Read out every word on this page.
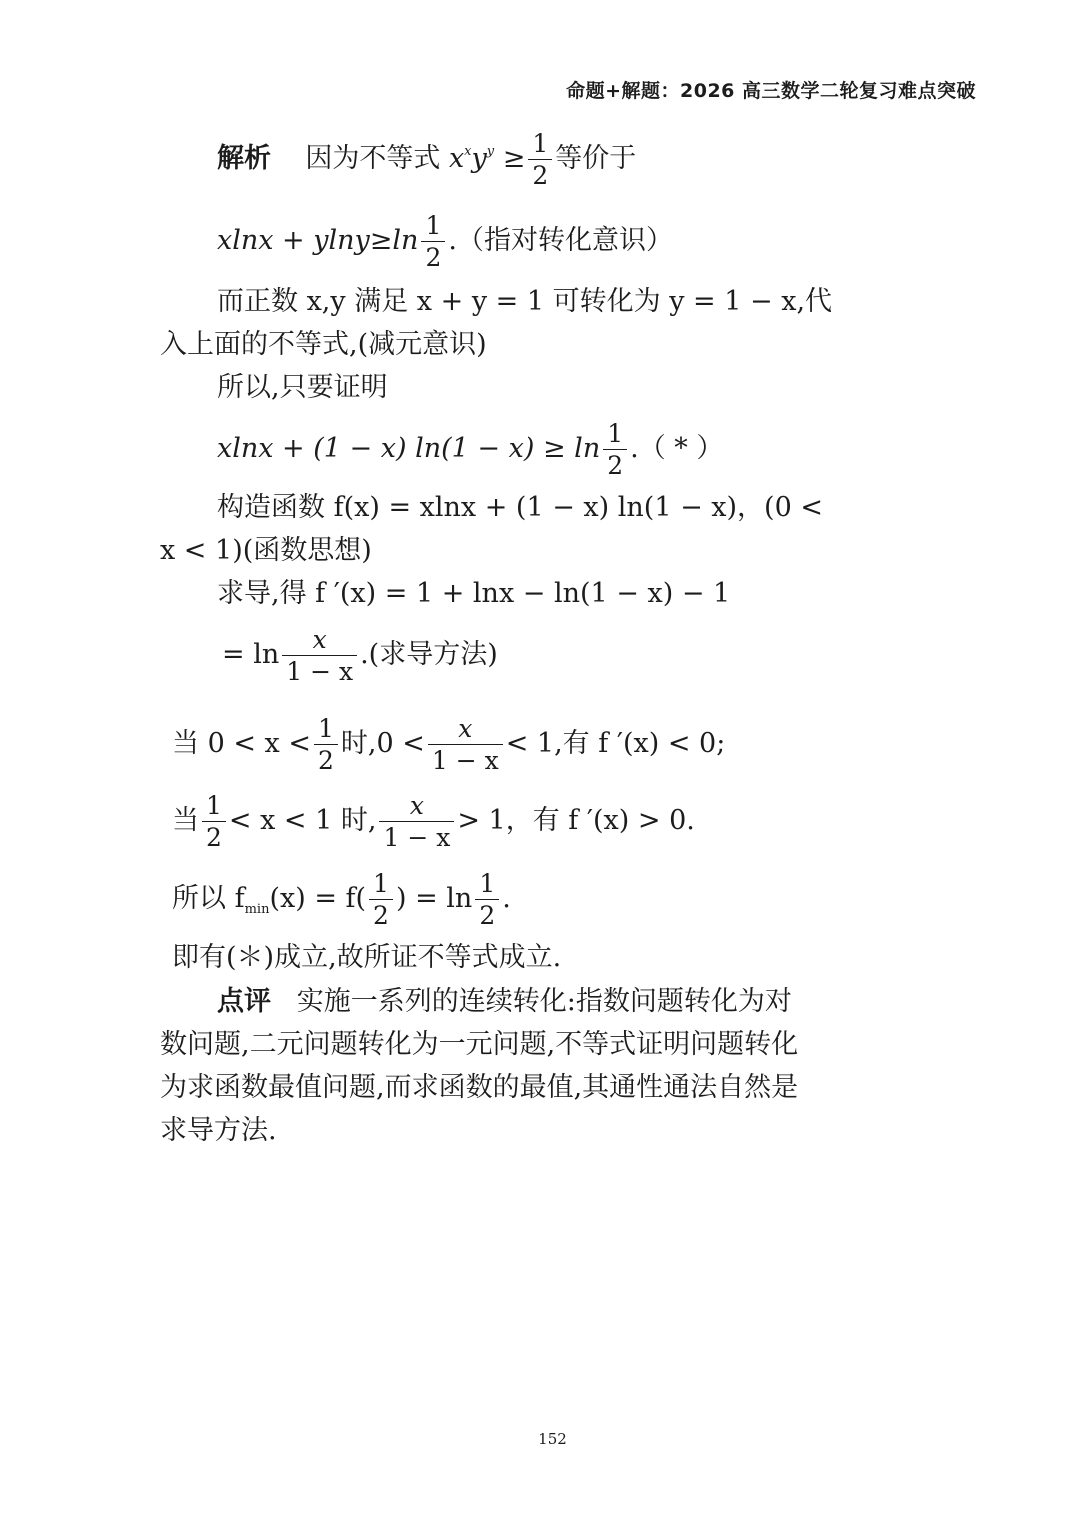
命题+解题：2026 高三数学二轮复习难点突破
解析 因为不等式 $x^xy^y \ge \frac{1}{2}$ 等价于
$xlnx + ylny\ge\ln \frac{1}{2}$ .（指对转化意识）
而正数 x,y 满足 x + y = 1 可转化为 y = 1 − x,代
入上面的不等式,(减元意识)
所以,只要证明
xlnx + (1 − x) $\ln(1 - x) \ge \ln \frac{1}{2}$ .（ * ）
构造函数 f(x) = xlnx + (1 − x) ln(1 − x)，(0 <
x < 1)(函数思想)
求导,得 f ′(x) = 1 + lnx − ln(1 − x) − 1
= $\ln \frac{x}{1 - x}$ .(求导方法)
当 $0 < x < \frac{1}{2}$ 时$,0 < \frac{x}{1 - x} < 1$,有 f ′(x) < 0;
当 $\frac{1}{2} < x < 1$ 时, $\frac{x}{1 - x} > 1$，有 f ′(x) > 0.
所以 $f_{min}(x) = f( \frac{1}{2}$ ) = $\ln \frac{1}{2}$ .
即有(＊)成立,故所证不等式成立.
点评 实施一系列的连续转化:指数问题转化为对数问题,二元问题转化为一元问题,不等式证明问题转化为求函数最值问题,而求函数的最值,其通性通法自然是求导方法.
152
